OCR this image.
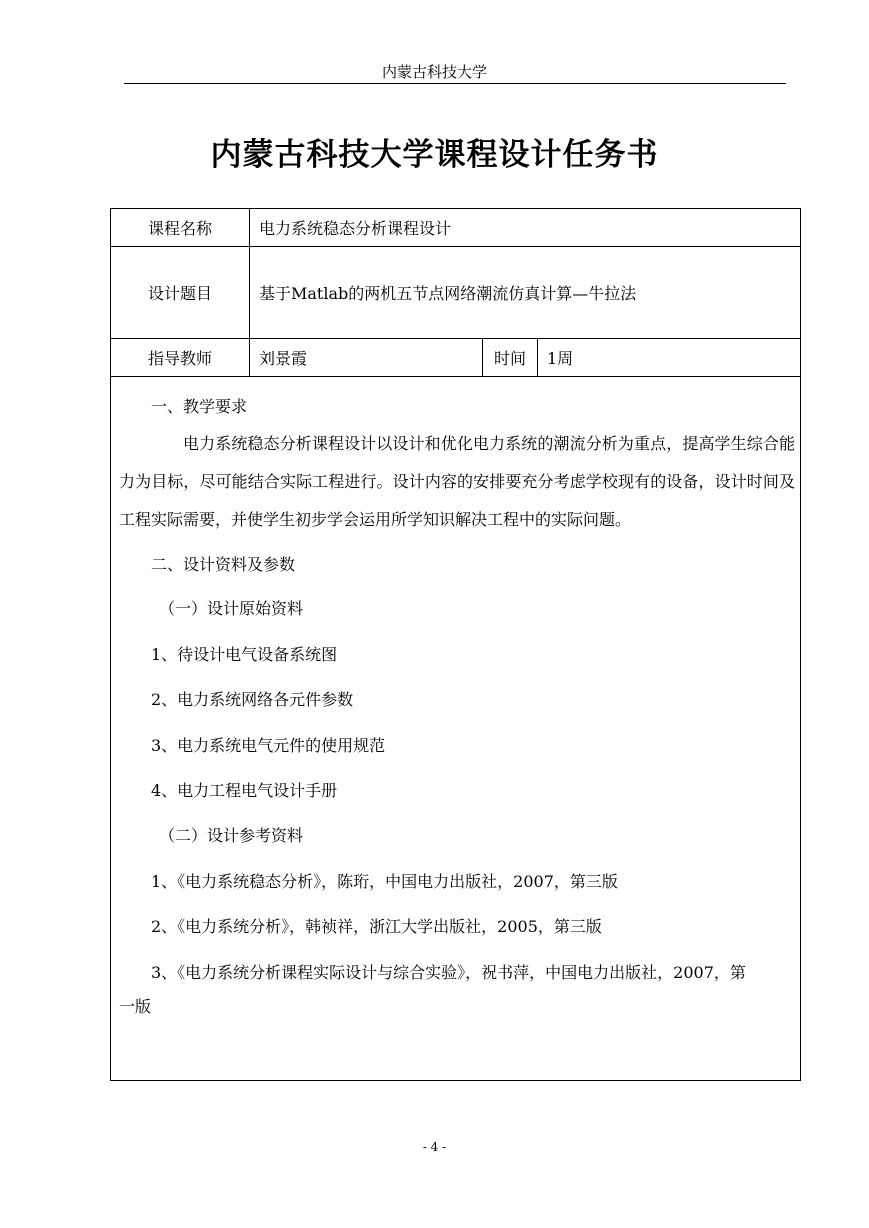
内蒙古科技大学
内蒙古科技大学课程设计任务书
课程名称	电力系统稳态分析课程设计
设计题目	基于Matlab的两机五节点网络潮流仿真计算—牛拉法
指导教师	刘景霞	时间	1周
一、教学要求
电力系统稳态分析课程设计以设计和优化电力系统的潮流分析为重点，提高学生综合能力为目标，尽可能结合实际工程进行。设计内容的安排要充分考虑学校现有的设备，设计时间及工程实际需要，并使学生初步学会运用所学知识解决工程中的实际问题。
二、设计资料及参数
（一）设计原始资料
1、待设计电气设备系统图
2、电力系统网络各元件参数
3、电力系统电气元件的使用规范
4、电力工程电气设计手册
（二）设计参考资料
1、《电力系统稳态分析》，陈珩，中国电力出版社，2007，第三版
2、《电力系统分析》，韩祯祥，浙江大学出版社，2005，第三版
3、《电力系统分析课程实际设计与综合实验》，祝书萍，中国电力出版社，2007，第
一版
- 4 -
